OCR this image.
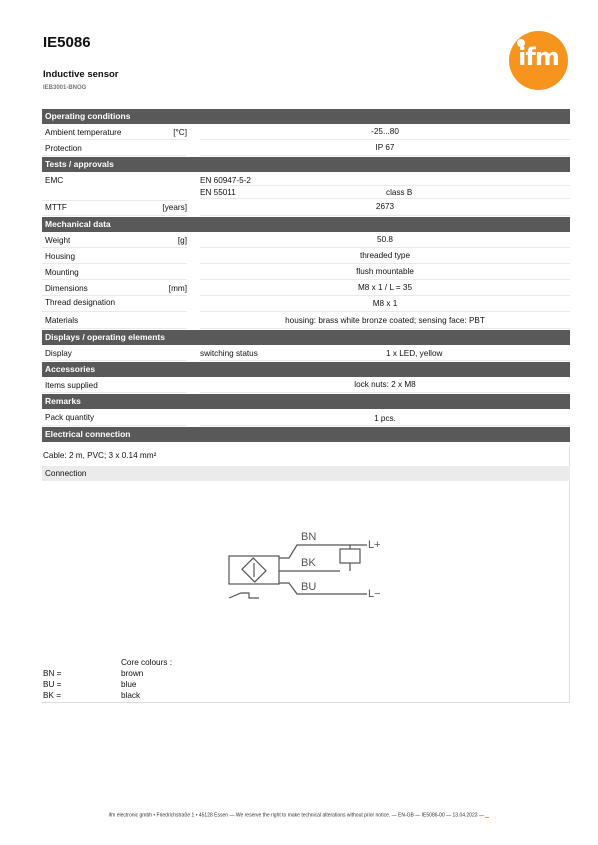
IE5086
Inductive sensor
IEB3001-BNOG
ifm
Operating conditions
Ambient temperature	[°C]	-25...80
Protection	IP 67
Tests / approvals
EMC	EN 60947-5-2
EN 55011	class B
MTTF	[years]	2673
Mechanical data
Weight	[g]	50.8
Housing	threaded type
Mounting	flush mountable
Dimensions	[mm]	M8 x 1 / L = 35
Thread designation	M8 x 1
Materials	housing: brass white bronze coated; sensing face: PBT
Displays / operating elements
Display	switching status	1 x LED, yellow
Accessories
Items supplied	lock nuts: 2 x M8
Remarks
Pack quantity	1 pcs.
Electrical connection
Cable: 2 m, PVC; 3 x 0.14 mm²
Connection
BN
BK
BU
L+
L−
Core colours :
BN =	brown
BU =	blue
BK =	black
ifm electronic gmbh • Friedrichstraße 1 • 45128 Essen — We reserve the right to make technical alterations without prior notice. — EN-GB — IE5086-00 — 13.04.2023 —
